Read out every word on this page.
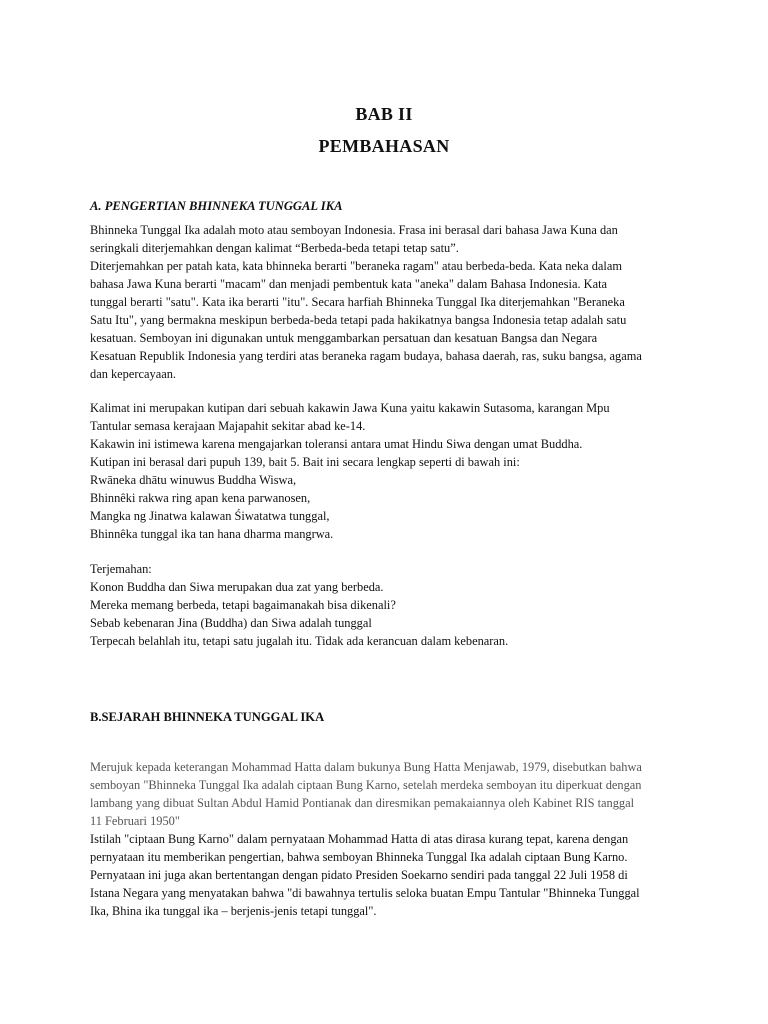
BAB II
PEMBAHASAN
A. PENGERTIAN BHINNEKA TUNGGAL IKA
Bhinneka Tunggal Ika adalah moto atau semboyan Indonesia. Frasa ini berasal dari bahasa Jawa Kuna dan
seringkali diterjemahkan dengan kalimat “Berbeda-beda tetapi tetap satu”.
Diterjemahkan per patah kata, kata bhinneka berarti "beraneka ragam" atau berbeda-beda. Kata neka dalam
bahasa Jawa Kuna berarti "macam" dan menjadi pembentuk kata "aneka" dalam Bahasa Indonesia. Kata
tunggal berarti "satu". Kata ika berarti "itu". Secara harfiah Bhinneka Tunggal Ika diterjemahkan "Beraneka
Satu Itu", yang bermakna meskipun berbeda-beda tetapi pada hakikatnya bangsa Indonesia tetap adalah satu
kesatuan. Semboyan ini digunakan untuk menggambarkan persatuan dan kesatuan Bangsa dan Negara
Kesatuan Republik Indonesia yang terdiri atas beraneka ragam budaya, bahasa daerah, ras, suku bangsa, agama
dan kepercayaan.
Kalimat ini merupakan kutipan dari sebuah kakawin Jawa Kuna yaitu kakawin Sutasoma, karangan Mpu
Tantular semasa kerajaan Majapahit sekitar abad ke-14.
Kakawin ini istimewa karena mengajarkan toleransi antara umat Hindu Siwa dengan umat Buddha.
Kutipan ini berasal dari pupuh 139, bait 5. Bait ini secara lengkap seperti di bawah ini:
Rwāneka dhātu winuwus Buddha Wiswa,
Bhinnêki rakwa ring apan kena parwanosen,
Mangka ng Jinatwa kalawan Śiwatatwa tunggal,
Bhinnêka tunggal ika tan hana dharma mangrwa.
Terjemahan:
Konon Buddha dan Siwa merupakan dua zat yang berbeda.
Mereka memang berbeda, tetapi bagaimanakah bisa dikenali?
Sebab kebenaran Jina (Buddha) dan Siwa adalah tunggal
Terpecah belahlah itu, tetapi satu jugalah itu. Tidak ada kerancuan dalam kebenaran.
B.SEJARAH BHINNEKA TUNGGAL IKA
Merujuk kepada keterangan Mohammad Hatta dalam bukunya Bung Hatta Menjawab, 1979, disebutkan bahwa
semboyan "Bhinneka Tunggal Ika adalah ciptaan Bung Karno, setelah merdeka semboyan itu diperkuat dengan
lambang yang dibuat Sultan Abdul Hamid Pontianak dan diresmikan pemakaiannya oleh Kabinet RIS tanggal
11 Februari 1950"
Istilah "ciptaan Bung Karno" dalam pernyataan Mohammad Hatta di atas dirasa kurang tepat, karena dengan
pernyataan itu memberikan pengertian, bahwa semboyan Bhinneka Tunggal Ika adalah ciptaan Bung Karno.
Pernyataan ini juga akan bertentangan dengan pidato Presiden Soekarno sendiri pada tanggal 22 Juli 1958 di
Istana Negara yang menyatakan bahwa "di bawahnya tertulis seloka buatan Empu Tantular "Bhinneka Tunggal
Ika, Bhina ika tunggal ika – berjenis-jenis tetapi tunggal".
